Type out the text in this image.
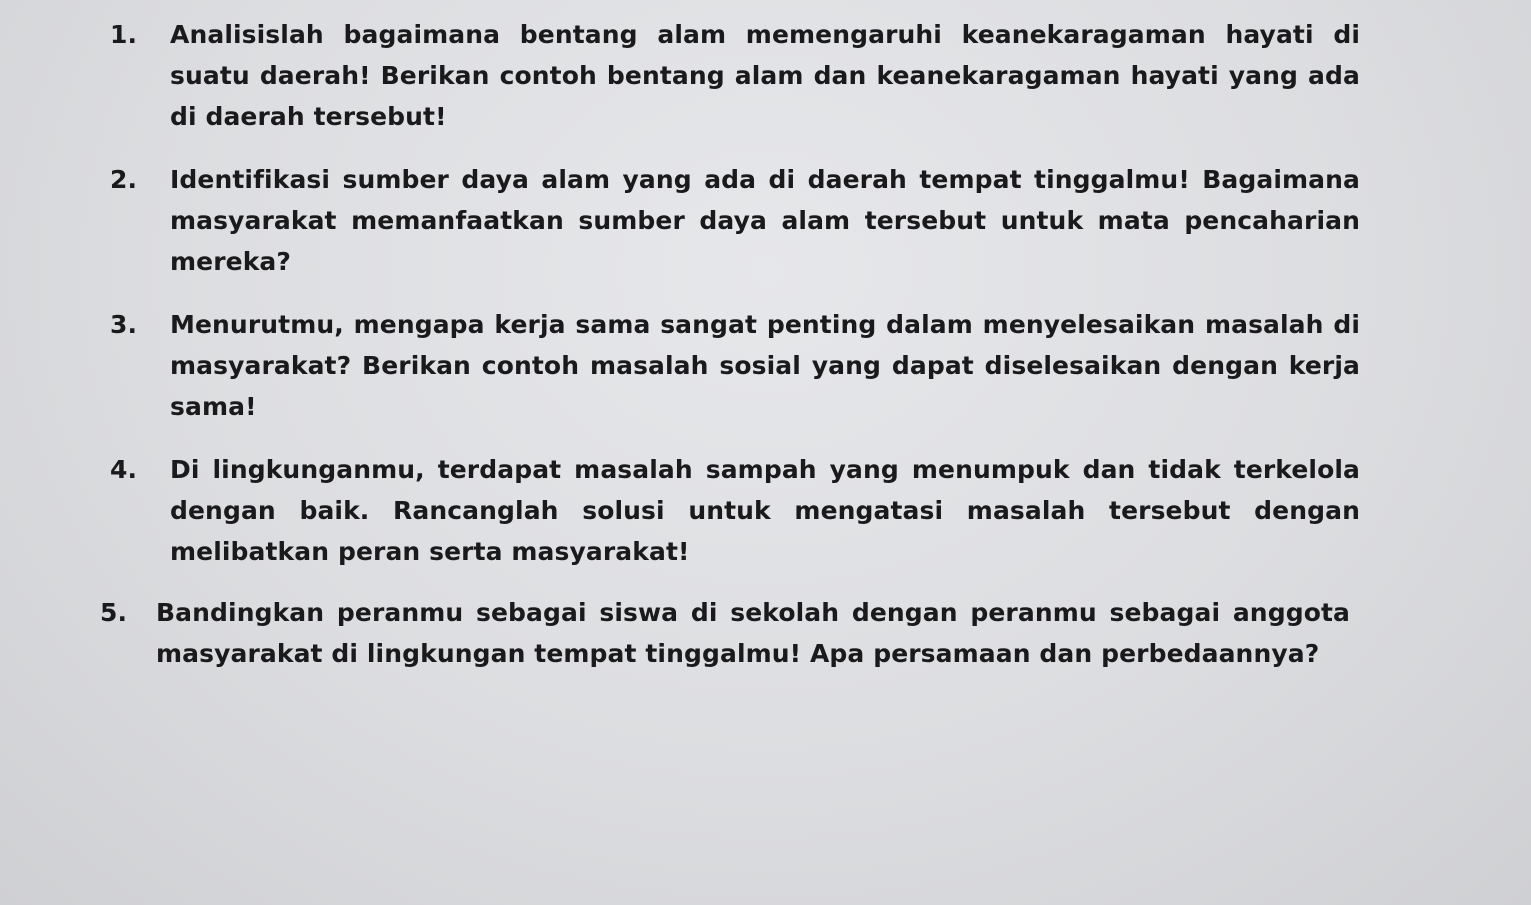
1. Analisislah bagaimana bentang alam memengaruhi keanekaragaman hayati di suatu daerah! Berikan contoh bentang alam dan keanekaragaman hayati yang ada di daerah tersebut!
2. Identifikasi sumber daya alam yang ada di daerah tempat tinggalmu! Bagaimana masyarakat memanfaatkan sumber daya alam tersebut untuk mata pencaharian mereka?
3. Menurutmu, mengapa kerja sama sangat penting dalam menyelesaikan masalah di masyarakat? Berikan contoh masalah sosial yang dapat diselesaikan dengan kerja sama!
4. Di lingkunganmu, terdapat masalah sampah yang menumpuk dan tidak terkelola dengan baik. Rancanglah solusi untuk mengatasi masalah tersebut dengan melibatkan peran serta masyarakat!
5. Bandingkan peranmu sebagai siswa di sekolah dengan peranmu sebagai anggota masyarakat di lingkungan tempat tinggalmu! Apa persamaan dan perbedaannya?
